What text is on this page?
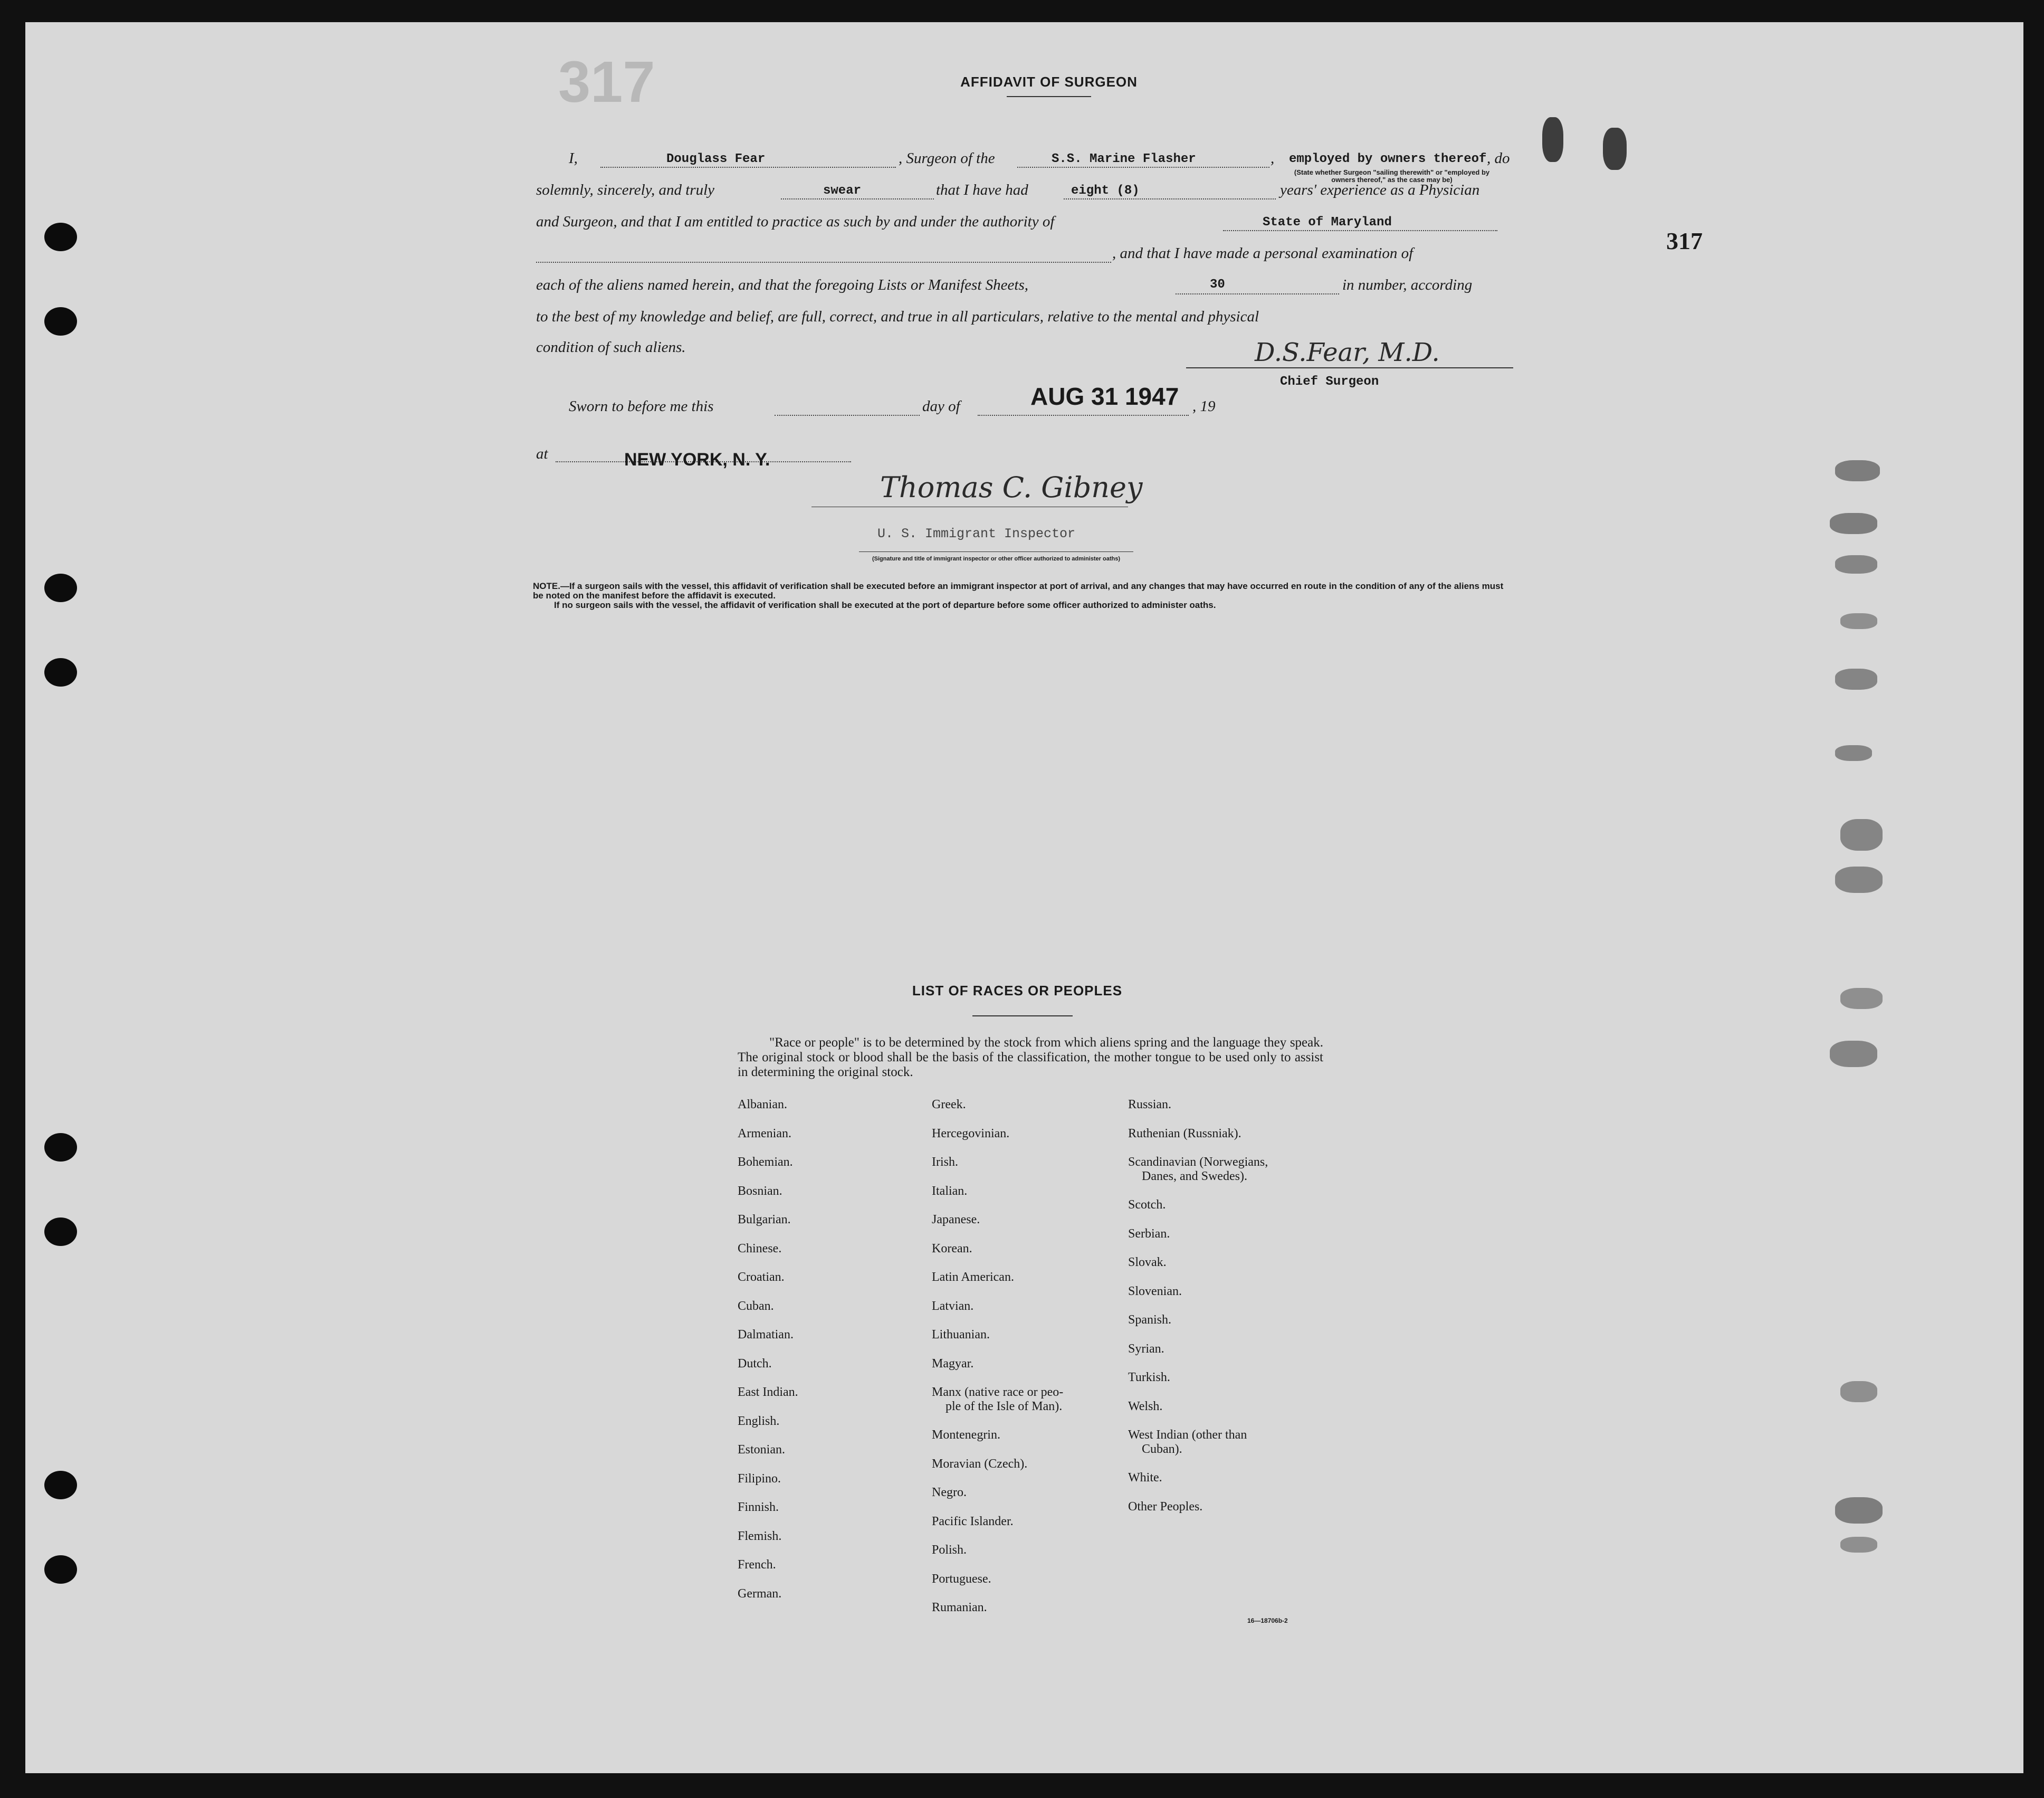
317
317
AFFIDAVIT OF SURGEON
I,	Douglass Fear	, Surgeon of the	S.S. Marine Flasher	, employed by owners thereof , do
(State whether Surgeon "sailing therewith" or "employed by owners thereof," as the case may be)
solemnly, sincerely, and truly	swear	that I have had	eight (8)	years' experience as a Physician
and Surgeon, and that I am entitled to practice as such by and under the authority of	State of Maryland
, and that I have made a personal examination of
each of the aliens named herein, and that the foregoing Lists or Manifest Sheets,	30	in number, according
to the best of my knowledge and belief, are full, correct, and true in all particulars, relative to the mental and physical
condition of such aliens.	D.S.Fear, M.D.
Chief Surgeon
Sworn to before me this	day of	AUG 31 1947 , 19
at	NEW YORK, N. Y.
Thomas C. Gibney
U. S. Immigrant Inspector
(Signature and title of immigrant inspector or other officer authorized to administer oaths)
NOTE.—If a surgeon sails with the vessel, this affidavit of verification shall be executed before an immigrant inspector at port of arrival, and any changes that may have occurred en route in the condition of any of the aliens must be noted on the manifest before the affidavit is executed.
If no surgeon sails with the vessel, the affidavit of verification shall be executed at the port of departure before some officer authorized to administer oaths.
LIST OF RACES OR PEOPLES
"Race or people" is to be determined by the stock from which aliens spring and the language they speak. The original stock or blood shall be the basis of the classification, the mother tongue to be used only to assist in determining the original stock.
Albanian.
Armenian.
Bohemian.
Bosnian.
Bulgarian.
Chinese.
Croatian.
Cuban.
Dalmatian.
Dutch.
East Indian.
English.
Estonian.
Filipino.
Finnish.
Flemish.
French.
German.
Greek.
Hercegovinian.
Irish.
Italian.
Japanese.
Korean.
Latin American.
Latvian.
Lithuanian.
Magyar.
Manx (native race or peo-
ple of the Isle of Man).
Montenegrin.
Moravian (Czech).
Negro.
Pacific Islander.
Polish.
Portuguese.
Rumanian.
Russian.
Ruthenian (Russniak).
Scandinavian (Norwegians,
Danes, and Swedes).
Scotch.
Serbian.
Slovak.
Slovenian.
Spanish.
Syrian.
Turkish.
Welsh.
West Indian (other than
Cuban).
White.
Other Peoples.
16—18706b-2
